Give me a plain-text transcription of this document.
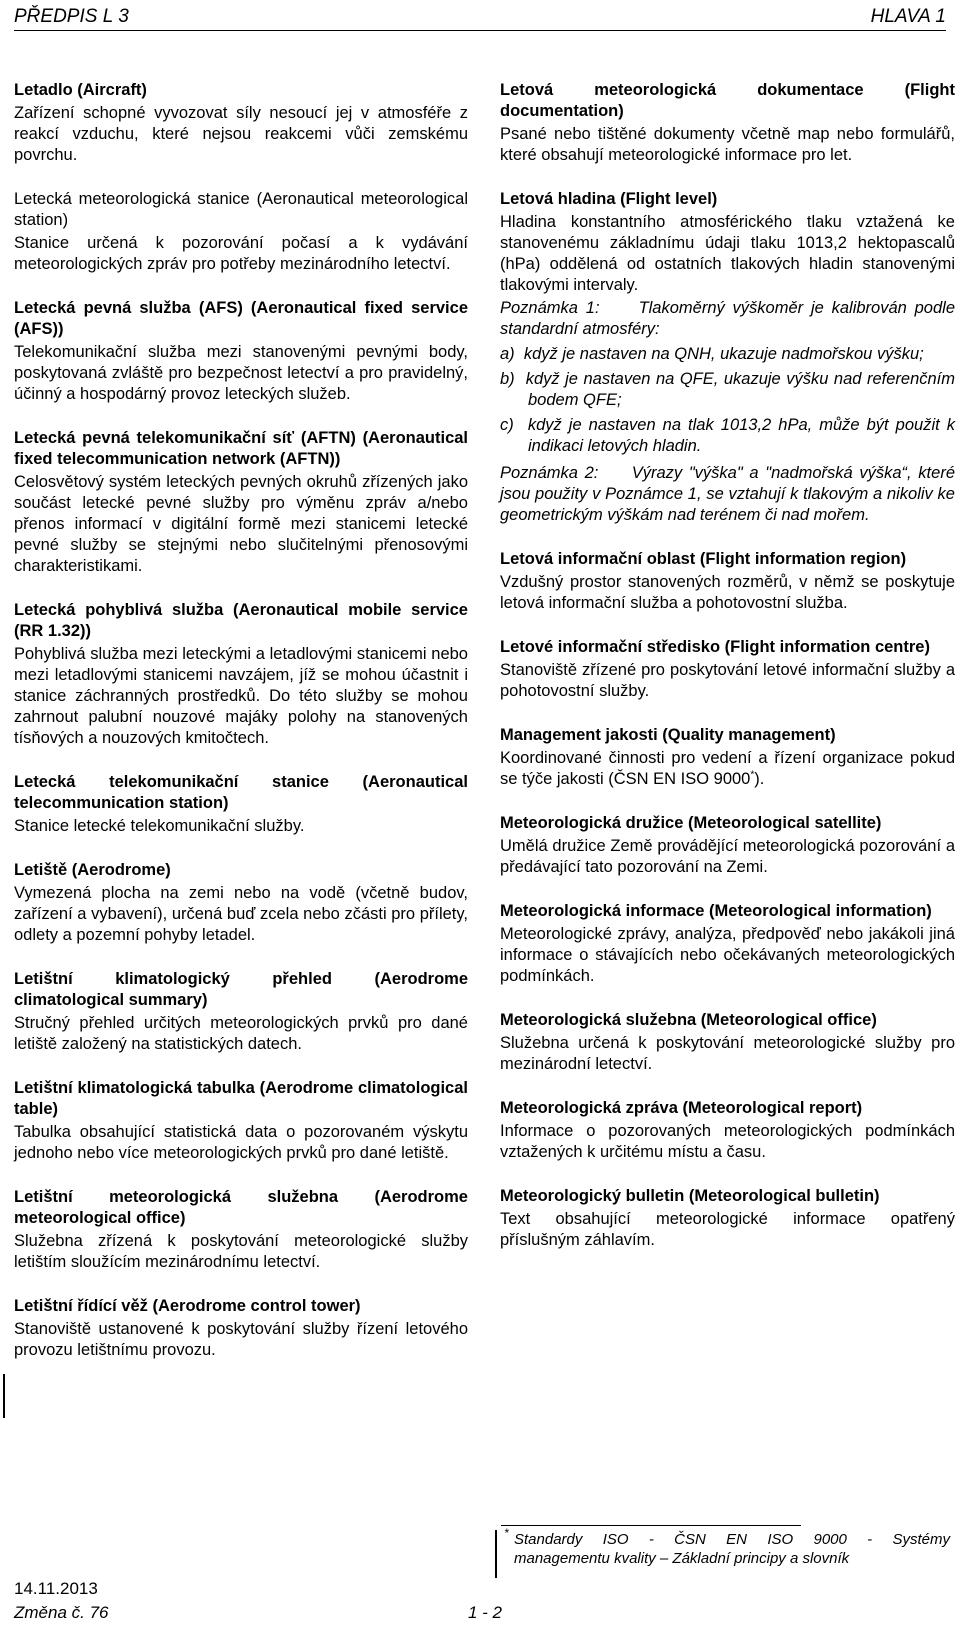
PŘEDPIS L 3	HLAVA 1

Letadlo (Aircraft)

Zařízení schopné vyvozovat síly nesoucí jej v atmosféře z reakcí vzduchu, které nejsou reakcemi vůči zemskému povrchu.

Letecká meteorologická stanice (Aeronautical meteorological station)

Stanice určená k pozorování počasí a k vydávání meteorologických zpráv pro potřeby mezinárodního letectví.

Letecká pevná služba (AFS) (Aeronautical fixed service (AFS))

Telekomunikační služba mezi stanovenými pevnými body, poskytovaná zvláště pro bezpečnost letectví a pro pravidelný, účinný a hospodárný provoz leteckých služeb.

Letecká pevná telekomunikační síť (AFTN) (Aeronautical fixed telecommunication network (AFTN))

Celosvětový systém leteckých pevných okruhů zřízených jako součást letecké pevné služby pro výměnu zpráv a/nebo přenos informací v digitální formě mezi stanicemi letecké pevné služby se stejnými nebo slučitelnými přenosovými charakteristikami.

Letecká pohyblivá služba (Aeronautical mobile service (RR 1.32))

Pohyblivá služba mezi leteckými a letadlovými stanicemi nebo mezi letadlovými stanicemi navzájem, jíž se mohou účastnit i stanice záchranných prostředků. Do této služby se mohou zahrnout palubní nouzové majáky polohy na stanovených tísňových a nouzových kmitočtech.

Letecká telekomunikační stanice (Aeronautical telecommunication station)

Stanice letecké telekomunikační služby.

Letiště (Aerodrome)

Vymezená plocha na zemi nebo na vodě (včetně budov, zařízení a vybavení), určená buď zcela nebo zčásti pro přílety, odlety a pozemní pohyby letadel.

Letištní klimatologický přehled (Aerodrome climatological summary)

Stručný přehled určitých meteorologických prvků pro dané letiště založený na statistických datech.

Letištní klimatologická tabulka (Aerodrome climatological table)

Tabulka obsahující statistická data o pozorovaném výskytu jednoho nebo více meteorologických prvků pro dané letiště.

Letištní meteorologická služebna (Aerodrome meteorological office)

Služebna zřízená k poskytování meteorologické služby letištím sloužícím mezinárodnímu letectví.

Letištní řídící věž (Aerodrome control tower)

Stanoviště ustanovené k poskytování služby řízení letového provozu letištnímu provozu.

Letová meteorologická dokumentace (Flight documentation)

Psané nebo tištěné dokumenty včetně map nebo formulářů, které obsahují meteorologické informace pro let.

Letová hladina (Flight level)

Hladina konstantního atmosférického tlaku vztažená ke stanovenému základnímu údaji tlaku 1013,2 hektopascalů (hPa) oddělená od ostatních tlakových hladin stanovenými tlakovými intervaly.

Poznámka 1:     Tlakoměrný výškoměr je kalibrován podle standardní atmosféry:

a)  když je nastaven na QNH, ukazuje nadmořskou výšku;

b)  když je nastaven na QFE, ukazuje výšku nad referenčním bodem QFE;

c)  když je nastaven na tlak 1013,2 hPa, může být použit k indikaci letových hladin.

Poznámka 2:     Výrazy "výška" a "nadmořská výška“, které jsou použity v Poznámce 1, se vztahují k tlakovým a nikoliv ke geometrickým výškám nad terénem či nad mořem.

Letová informační oblast (Flight information region)

Vzdušný prostor stanovených rozměrů, v němž se poskytuje letová informační služba a pohotovostní služba.

Letové informační středisko (Flight information centre)

Stanoviště zřízené pro poskytování letové informační služby a pohotovostní služby.

Management jakosti (Quality management)

Koordinované činnosti pro vedení a řízení organizace pokud se týče jakosti (ČSN EN ISO 9000*).

Meteorologická družice (Meteorological satellite)

Umělá družice Země provádějící meteorologická pozorování a předávající tato pozorování na Zemi.

Meteorologická informace (Meteorological information)

Meteorologické zprávy, analýza, předpověď nebo jakákoli jiná informace o stávajících nebo očekávaných meteorologických podmínkách.

Meteorologická služebna (Meteorological office)

Služebna určená k poskytování meteorologické služby pro mezinárodní letectví.

Meteorologická zpráva (Meteorological report)

Informace o pozorovaných meteorologických podmínkách vztažených k určitému místu a času.

Meteorologický bulletin (Meteorological bulletin)

Text obsahující meteorologické informace opatřený příslušným záhlavím.

* Standardy ISO - ČSN EN ISO 9000 - Systémy
managementu kvality – Základní principy a slovník
14.11.2013
Změna č. 76	1 - 2
